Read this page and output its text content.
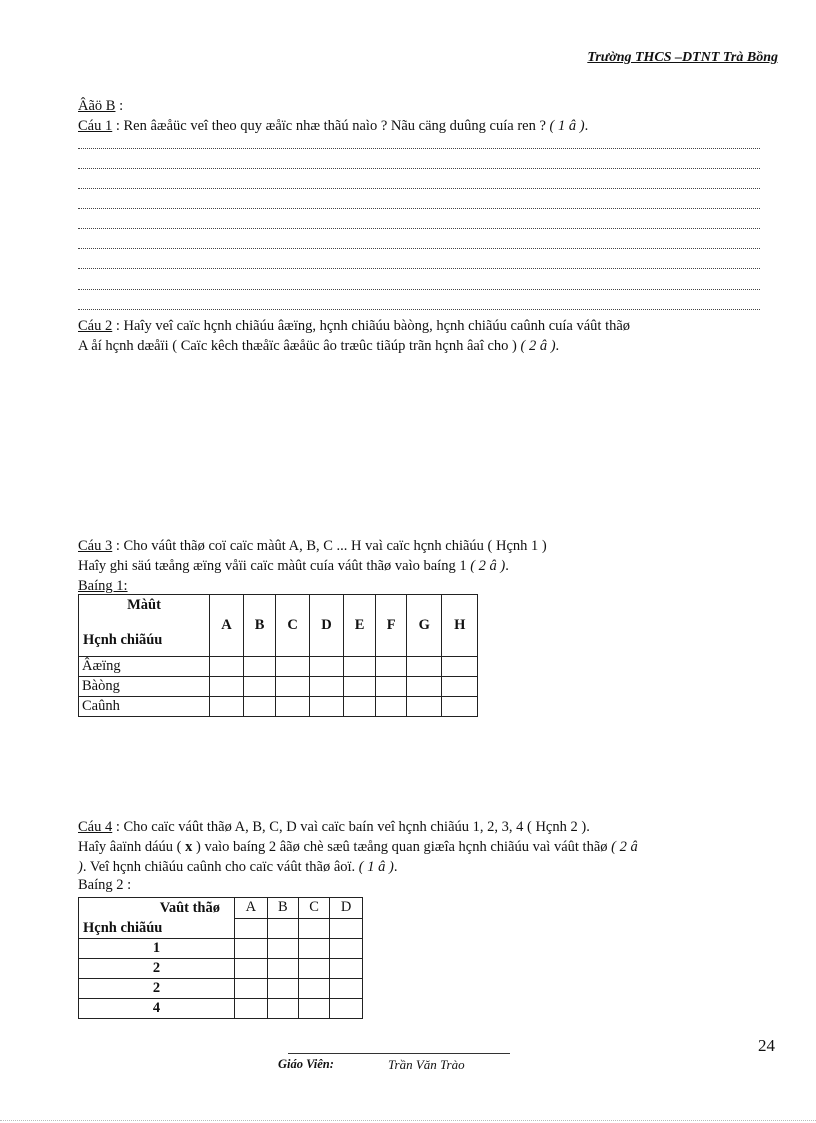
Trường THCS –DTNT Trà Bồng
Âãö B :
Cáu 1 : Ren âæåüc veî theo quy æåïc nhæ thãú naìo ? Nãu cäng duûng cuía ren ? ( 1 â ).
Cáu 2 : Haîy veî caïc hçnh chiãúu âæïng, hçnh chiãúu bàòng, hçnh chiãúu caûnh cuía váût thãø
A åí hçnh dæåïi ( Caïc kêch thæåïc âæåüc âo træûc tiãúp trãn hçnh âaî cho ) ( 2 â ).
Cáu 3 : Cho váût thãø coï caïc màût A, B, C ... H vaì caïc hçnh chiãúu ( Hçnh 1 )
Haîy ghi säú tæång æïng våïi caïc màût cuía váût thãø vaìo baíng 1 ( 2 â ).
Baíng 1:
Màût
Hçnh chiãúu	A	B	C	D	E	F	G	H
Âæïng								
Bàòng								
Caûnh								
Cáu 4 : Cho caïc váût thãø A, B, C, D vaì caïc baín veî hçnh chiãúu 1, 2, 3, 4 ( Hçnh 2 ).
Haîy âaïnh dáúu ( x ) vaìo baíng 2 âãø chè sæû tæång quan giæîa hçnh chiãúu vaì váût thãø ( 2 â
). Veî hçnh chiãúu caûnh cho caïc váût thãø âoï. ( 1 â ).
Baíng 2 :
Vaût thãø
Hçnh chiãúu	A	B	C	D

1				
2				
2				
4				
24
Giáo Viên:	Trần Văn Trào
